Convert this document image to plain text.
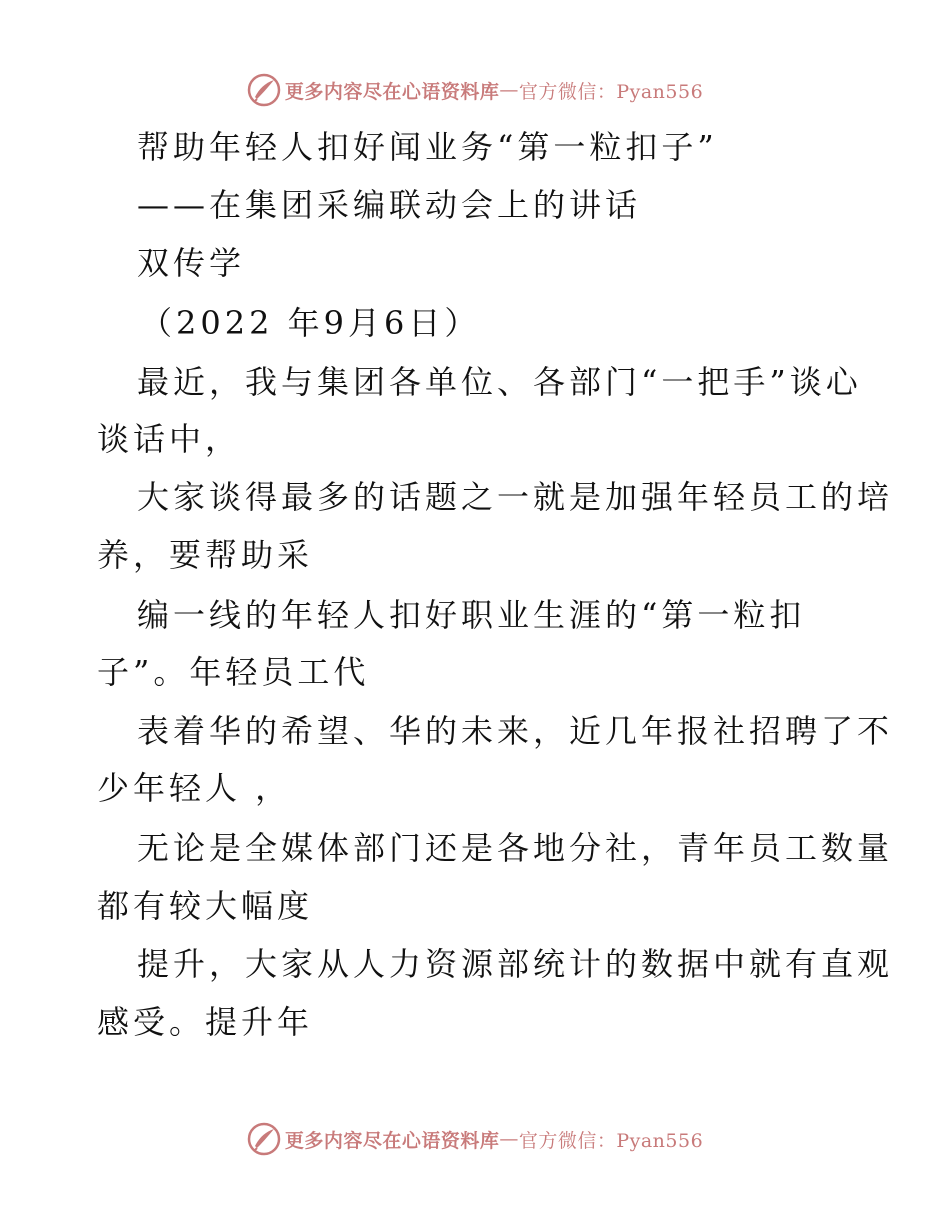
更多内容尽在心语资料库 — 官方微信：Pyan556
帮助年轻人扣好闻业务“第一粒扣子”
——在集团采编联动会上的讲话
双传学
（2022 年9月6日）
最近，我与集团各单位、各部门“一把手”谈心
谈话中，
大家谈得最多的话题之一就是加强年轻员工的培
养，要帮助采
编一线的年轻人扣好职业生涯的“第一粒扣
子”。年轻员工代
表着华的希望、华的未来，近几年报社招聘了不
少年轻人 ，
无论是全媒体部门还是各地分社，青年员工数量
都有较大幅度
提升，大家从人力资源部统计的数据中就有直观
感受。提升年
更多内容尽在心语资料库 — 官方微信：Pyan556
